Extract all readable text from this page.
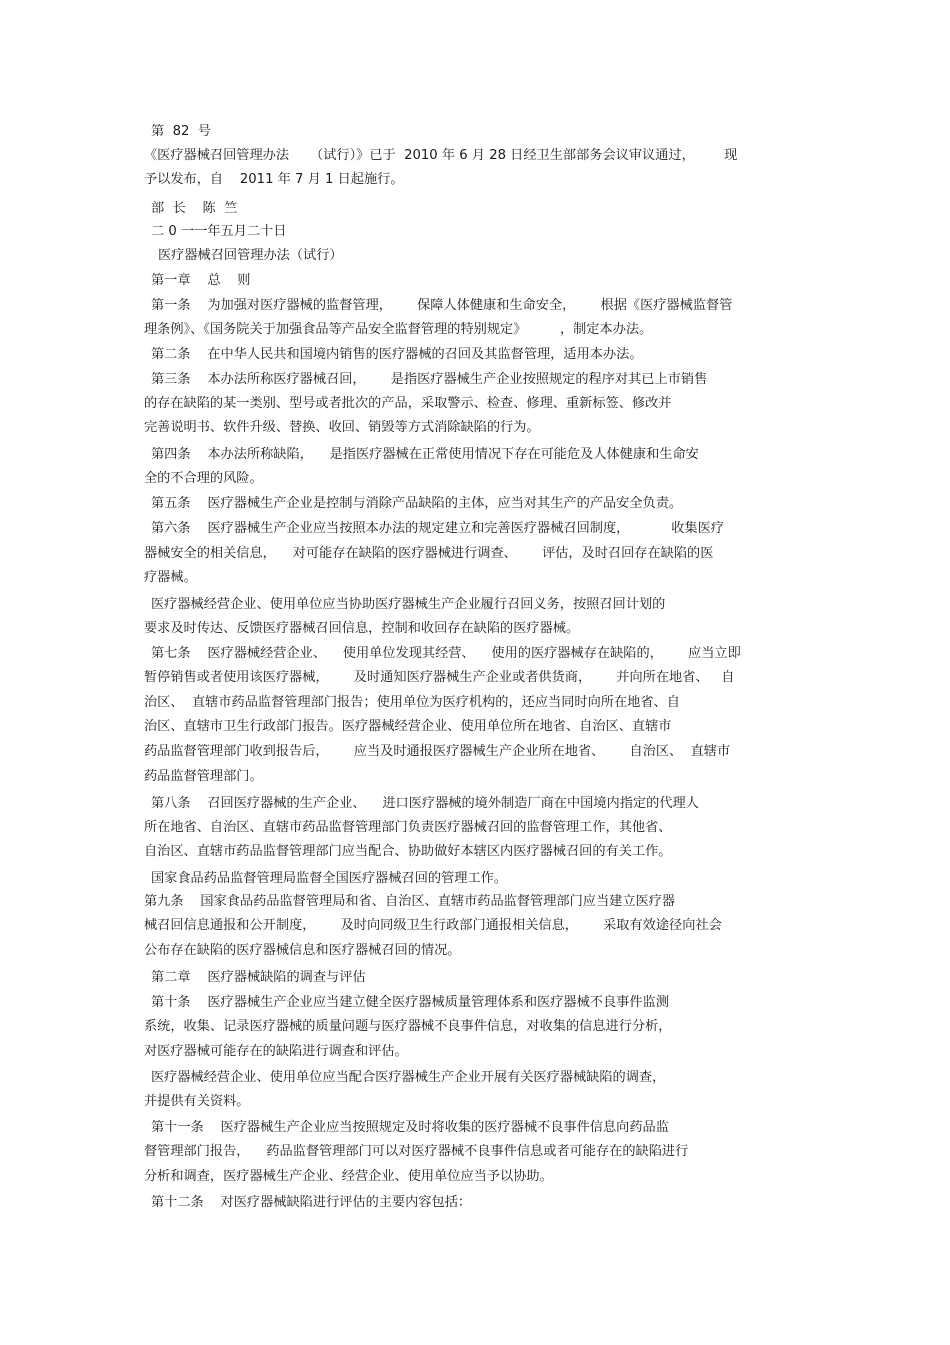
第  82  号

《医疗器械召回管理办法     （试行）》已于  2010 年 6 月 28 日经卫生部部务会议审议通过，       现

予以发布，自    2011 年 7 月 1 日起施行。

部  长    陈  竺

二 0 一一年五月二十日

医疗器械召回管理办法（试行）

第一章    总    则

第一条    为加强对医疗器械的监督管理，      保障人体健康和生命安全，      根据《医疗器械监督管

理条例》、《国务院关于加强食品等产品安全监督管理的特别规定》        ，制定本办法。

第二条    在中华人民共和国境内销售的医疗器械的召回及其监督管理，适用本办法。

第三条    本办法所称医疗器械召回，      是指医疗器械生产企业按照规定的程序对其已上市销售

的存在缺陷的某一类别、型号或者批次的产品，采取警示、检查、修理、重新标签、修改并

完善说明书、软件升级、替换、收回、销毁等方式消除缺陷的行为。

第四条    本办法所称缺陷，    是指医疗器械在正常使用情况下存在可能危及人体健康和生命安

全的不合理的风险。

第五条    医疗器械生产企业是控制与消除产品缺陷的主体，应当对其生产的产品安全负责。

第六条    医疗器械生产企业应当按照本办法的规定建立和完善医疗器械召回制度，          收集医疗

器械安全的相关信息，    对可能存在缺陷的医疗器械进行调查、      评估，及时召回存在缺陷的医

疗器械。

医疗器械经营企业、使用单位应当协助医疗器械生产企业履行召回义务，按照召回计划的

要求及时传达、反馈医疗器械召回信息，控制和收回存在缺陷的医疗器械。

第七条    医疗器械经营企业、    使用单位发现其经营、    使用的医疗器械存在缺陷的，      应当立即

暂停销售或者使用该医疗器械，      及时通知医疗器械生产企业或者供货商，      并向所在地省、   自

治区、  直辖市药品监督管理部门报告；使用单位为医疗机构的，还应当同时向所在地省、自

治区、直辖市卫生行政部门报告。医疗器械经营企业、使用单位所在地省、自治区、直辖市

药品监督管理部门收到报告后，      应当及时通报医疗器械生产企业所在地省、      自治区、  直辖市

药品监督管理部门。

第八条    召回医疗器械的生产企业、    进口医疗器械的境外制造厂商在中国境内指定的代理人

所在地省、自治区、直辖市药品监督管理部门负责医疗器械召回的监督管理工作，其他省、

自治区、直辖市药品监督管理部门应当配合、协助做好本辖区内医疗器械召回的有关工作。

国家食品药品监督管理局监督全国医疗器械召回的管理工作。

第九条    国家食品药品监督管理局和省、自治区、直辖市药品监督管理部门应当建立医疗器

械召回信息通报和公开制度，      及时向同级卫生行政部门通报相关信息，      采取有效途径向社会

公布存在缺陷的医疗器械信息和医疗器械召回的情况。

第二章    医疗器械缺陷的调查与评估

第十条    医疗器械生产企业应当建立健全医疗器械质量管理体系和医疗器械不良事件监测

系统，收集、记录医疗器械的质量问题与医疗器械不良事件信息，对收集的信息进行分析，

对医疗器械可能存在的缺陷进行调查和评估。

医疗器械经营企业、使用单位应当配合医疗器械生产企业开展有关医疗器械缺陷的调查，

并提供有关资料。

第十一条    医疗器械生产企业应当按照规定及时将收集的医疗器械不良事件信息向药品监

督管理部门报告，    药品监督管理部门可以对医疗器械不良事件信息或者可能存在的缺陷进行

分析和调查，医疗器械生产企业、经营企业、使用单位应当予以协助。

第十二条    对医疗器械缺陷进行评估的主要内容包括：
